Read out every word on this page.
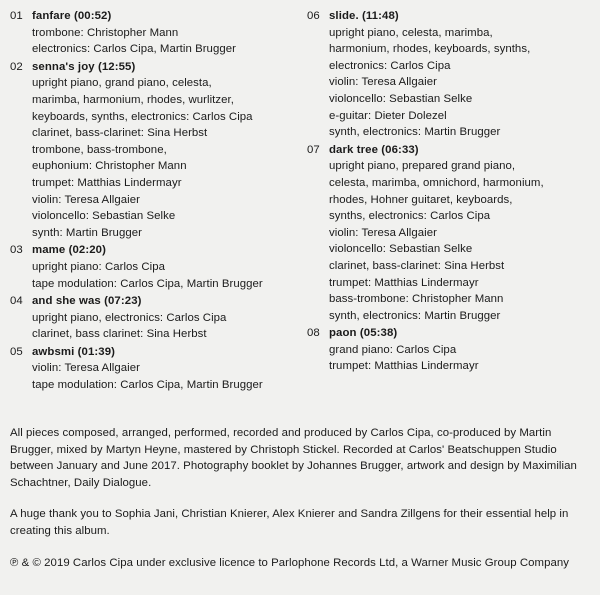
01 fanfare (00:52)
trombone: Christopher Mann
electronics: Carlos Cipa, Martin Brugger
02 senna's joy (12:55)
upright piano, grand piano, celesta,
marimba, harmonium, rhodes, wurlitzer,
keyboards, synths, electronics: Carlos Cipa
clarinet, bass-clarinet: Sina Herbst
trombone, bass-trombone,
euphonium: Christopher Mann
trumpet: Matthias Lindermayr
violin: Teresa Allgaier
violoncello: Sebastian Selke
synth: Martin Brugger
03 mame (02:20)
upright piano: Carlos Cipa
tape modulation: Carlos Cipa, Martin Brugger
04 and she was (07:23)
upright piano, electronics: Carlos Cipa
clarinet, bass clarinet: Sina Herbst
05 awbsmi (01:39)
violin: Teresa Allgaier
tape modulation: Carlos Cipa, Martin Brugger
06 slide. (11:48)
upright piano, celesta, marimba,
harmonium, rhodes, keyboards, synths,
electronics: Carlos Cipa
violin: Teresa Allgaier
violoncello: Sebastian Selke
e-guitar: Dieter Dolezel
synth, electronics: Martin Brugger
07 dark tree (06:33)
upright piano, prepared grand piano,
celesta, marimba, omnichord, harmonium,
rhodes, Hohner guitaret, keyboards,
synths, electronics: Carlos Cipa
violin: Teresa Allgaier
violoncello: Sebastian Selke
clarinet, bass-clarinet: Sina Herbst
trumpet: Matthias Lindermayr
bass-trombone: Christopher Mann
synth, electronics: Martin Brugger
08 paon (05:38)
grand piano: Carlos Cipa
trumpet: Matthias Lindermayr

All pieces composed, arranged, performed, recorded and produced by Carlos Cipa, co-produced by Martin Brugger, mixed by Martyn Heyne, mastered by Christoph Stickel. Recorded at Carlos' Beatschuppen Studio between January and June 2017. Photography booklet by Johannes Brugger, artwork and design by Maximilian Schachtner, Daily Dialogue.

A huge thank you to Sophia Jani, Christian Knierer, Alex Knierer and Sandra Zillgens for their essential help in creating this album.

℗ & © 2019 Carlos Cipa under exclusive licence to Parlophone Records Ltd, a Warner Music Group Company
